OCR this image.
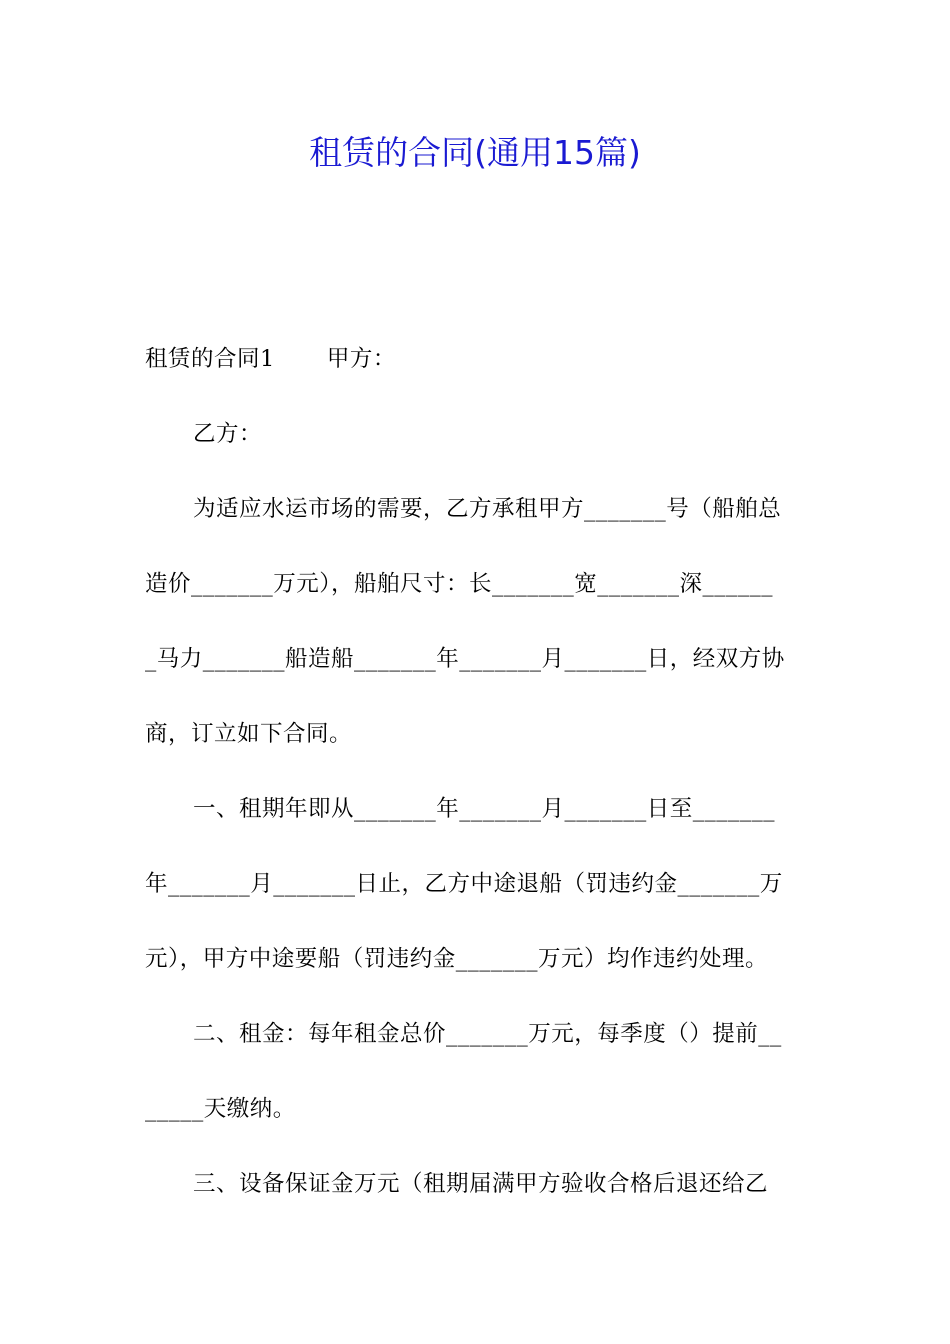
租赁的合同(通用15篇)
租赁的合同1 甲方：
乙方：
为适应水运市场的需要，乙方承租甲方_______号（船舶总
造价_______万元），船舶尺寸：长_______宽_______深______
_马力_______船造船_______年_______月_______日，经双方协
商，订立如下合同。
一、租期年即从_______年_______月_______日至_______
年_______月_______日止，乙方中途退船（罚违约金_______万
元），甲方中途要船（罚违约金_______万元）均作违约处理。
二、租金：每年租金总价_______万元，每季度（）提前__
_____天缴纳。
三、设备保证金万元（租期届满甲方验收合格后退还给乙
